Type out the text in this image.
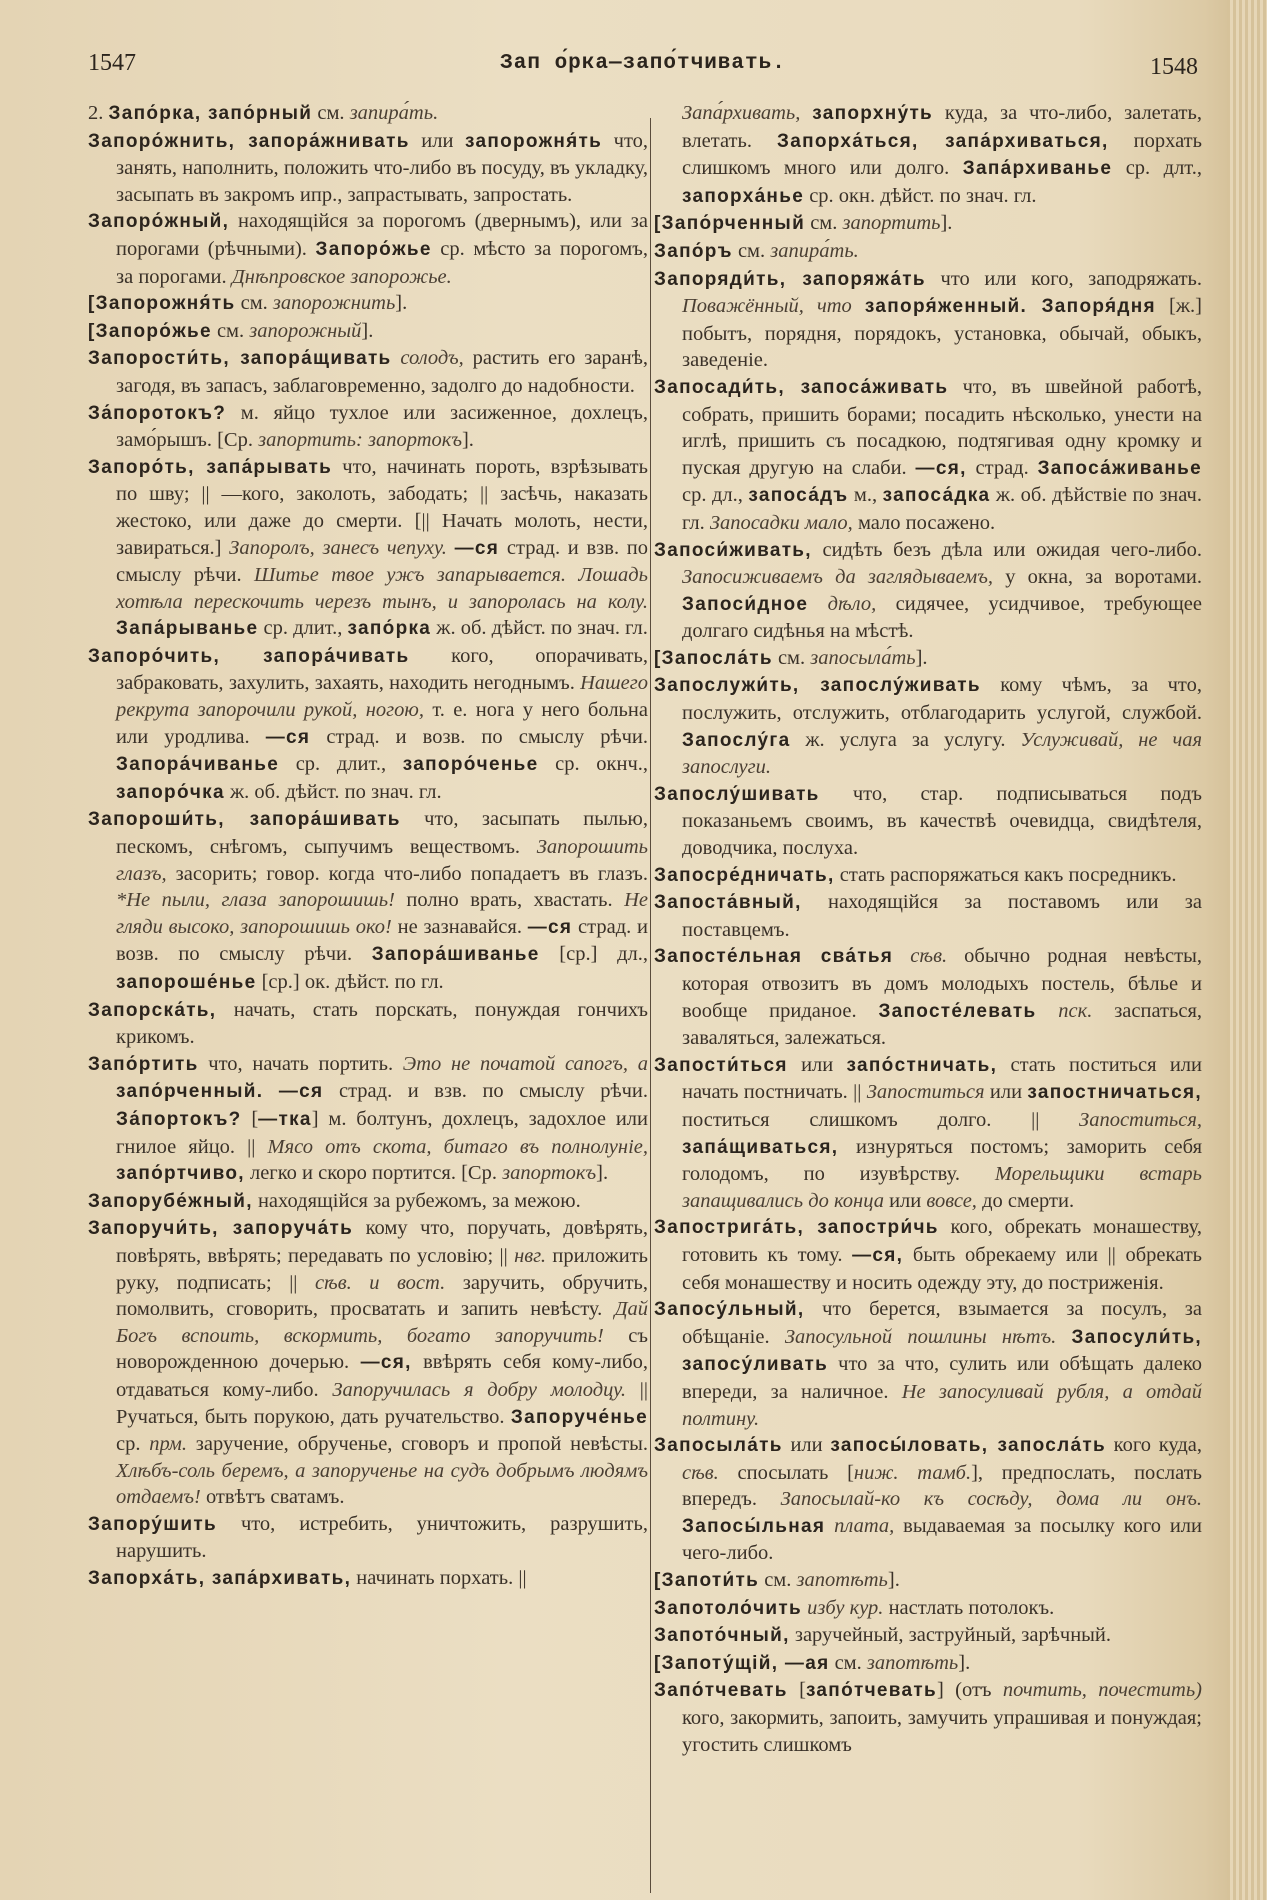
1547	Зап о́рка—запо́тчивать.	1548
2. Запо́рка, запо́рный см. запира́ть.
Запоро́жнить, запора́жнивать или запорожня́ть что, занять, наполнить, положить что-либо въ посуду, въ укладку, засыпать въ закромъ ипр., запрастывать, запростать.
Запоро́жный, находящійся за порогомъ (двернымъ), или за порогами (рѣчными). Запоро́жье ср. мѣсто за порогомъ, за порогами. Днѣпровское запорожье.
[Запорожня́ть см. запорожнить].
[Запоро́жье см. запорожный].
Запорости́ть, запора́щивать солодъ, растить его заранѣ, загодя, въ запасъ, заблаговременно, задолго до надобности.
За́поротокъ? м. яйцо тухлое или засиженное, дохлецъ, замо́рышъ. [Ср. запортить: запортокъ].
Запоро́ть, запа́рывать что, начинать пороть, взрѣзывать по шву; || —кого, заколоть, забодать; || засѣчь, наказать жестоко, или даже до смерти. [|| Начать молоть, нести, завираться.] Запоролъ, занесъ чепуху. —ся страд. и взв. по смыслу рѣчи. Шитье твое ужъ запарывается. Лошадь хотѣла перескочить черезъ тынъ, и запоролась на колу. Запа́рыванье ср. длит., запо́рка ж. об. дѣйст. по знач. гл.
Запоро́чить, запора́чивать кого, опорачивать, забраковать, захулить, захаять, находить негоднымъ. Нашего рекрута запорочили рукой, ногою, т. е. нога у него больна или уродлива. —ся страд. и возв. по смыслу рѣчи. Запора́чиванье ср. длит., запоро́ченье ср. окнч., запоро́чка ж. об. дѣйст. по знач. гл.
Запороши́ть, запора́шивать что, засыпать пылью, пескомъ, снѣгомъ, сыпучимъ веществомъ. Запорошить глазъ, засорить; говор. когда что-либо попадаетъ въ глазъ. *Не пыли, глаза запорошишь! полно врать, хвастать. Не гляди высоко, запорошишь око! не зазнавайся. —ся страд. и возв. по смыслу рѣчи. Запора́шиванье [ср.] дл., запороше́нье [ср.] ок. дѣйст. по гл.
Запорска́ть, начать, стать порскать, понуждая гончихъ крикомъ.
Запо́ртить что, начать портить. Это не початой сапогъ, а запо́рченный. —ся страд. и взв. по смыслу рѣчи. За́портокъ? [—тка] м. болтунъ, дохлецъ, задохлое или гнилое яйцо. || Мясо отъ скота, битаго въ полнолуніе, запо́ртчиво, легко и скоро портится. [Ср. запортокъ].
Запорубе́жный, находящійся за рубежомъ, за межою.
Запоручи́ть, запоруча́ть кому что, поручать, довѣрять, повѣрять, ввѣрять; передавать по условію; || нвг. приложить руку, подписать; || сѣв. и вост. заручить, обручить, помолвить, сговорить, просватать и запить невѣсту. Дай Богъ вспоить, вскормить, богато запоручить! съ новорожденною дочерью. —ся, ввѣрять себя кому-либо, отдаваться кому-либо. Запоручилась я добру молодцу. || Ручаться, быть порукою, дать ручательство. Запоруче́нье ср. прм. заручение, обрученье, сговоръ и пропой невѣсты. Хлѣбъ-соль беремъ, а запорученье на судъ добрымъ людямъ отдаемъ! отвѣтъ сватамъ.
Запору́шить что, истребить, уничтожить, разрушить, нарушить.
Запорха́ть, запа́рхивать, начинать порхать. ||
Запа́рхивать, запорхну́ть куда, за что-либо, залетать, влетать. Запорха́ться, запа́рхиваться, порхать слишкомъ много или долго. Запа́рхиванье ср. длт., запорха́нье ср. окн. дѣйст. по знач. гл.
[Запо́рченный см. запортить].
Запо́ръ см. запира́ть.
Запоряди́ть, запоряжа́ть что или кого, заподряжать. Поважённый, что запоря́женный. Запоря́дня [ж.] побытъ, порядня, порядокъ, установка, обычай, обыкъ, заведеніе.
Запосади́ть, запоса́живать что, въ швейной работѣ, собрать, пришить борами; посадить нѣсколько, унести на иглѣ, пришить съ посадкою, подтягивая одну кромку и пуская другую на слаби. —ся, страд. Запоса́живанье ср. дл., запоса́дъ м., запоса́дка ж. об. дѣйствіе по знач. гл. Запосадки мало, мало посажено.
Запоси́живать, сидѣть безъ дѣла или ожидая чего-либо. Запосиживаемъ да заглядываемъ, у окна, за воротами. Запоси́дное дѣло, сидячее, усидчивое, требующее долгаго сидѣнья на мѣстѣ.
[Запосла́ть см. запосыла́ть].
Запослужи́ть, запослу́живать кому чѣмъ, за что, послужить, отслужить, отблагодарить услугой, службой. Запослу́га ж. услуга за услугу. Услуживай, не чая запослуги.
Запослу́шивать что, стар. подписываться подъ показаньемъ своимъ, въ качествѣ очевидца, свидѣтеля, доводчика, послуха.
Запосре́дничать, стать распоряжаться какъ посредникъ.
Запоста́вный, находящійся за поставомъ или за поставцемъ.
Запосте́льная сва́тья сѣв. обычно родная невѣсты, которая отвозитъ въ домъ молодыхъ постель, бѣлье и вообще приданое. Запосте́левать пск. заспаться, заваляться, залежаться.
Запости́ться или запо́стничать, стать поститься или начать постничать. || Запоститься или запостничаться, поститься слишкомъ долго. || Запоститься, запа́щиваться, изнуряться постомъ; заморить себя голодомъ, по изувѣрству. Морельщики встарь запащивались до конца или вовсе, до смерти.
Запострига́ть, запостри́чь кого, обрекать монашеству, готовить къ тому. —ся, быть обрекаему или || обрекать себя монашеству и носить одежду эту, до постриженія.
Запосу́льный, что берется, взымается за посулъ, за обѣщаніе. Запосульной пошлины нѣтъ. Запосули́ть, запосу́ливать что за что, сулить или обѣщать далеко впереди, за наличное. Не запосуливай рубля, а отдай полтину.
Запосыла́ть или запосы́ловать, запосла́ть кого куда, сѣв. спосылать [ниж. тамб.], предпослать, послать впередъ. Запосылай-ко къ сосѣду, дома ли онъ. Запосы́льная плата, выдаваемая за посылку кого или чего-либо.
[Запоти́ть см. запотѣть].
Запотоло́чить избу кур. настлать потолокъ.
Запото́чный, заручейный, заструйный, зарѣчный.
[Запоту́щій, —ая см. запотѣть].
Запо́тчевать [запо́тчевать] (отъ почтить, почестить) кого, закормить, запоить, замучить упрашивая и понуждая; угостить слишкомъ
